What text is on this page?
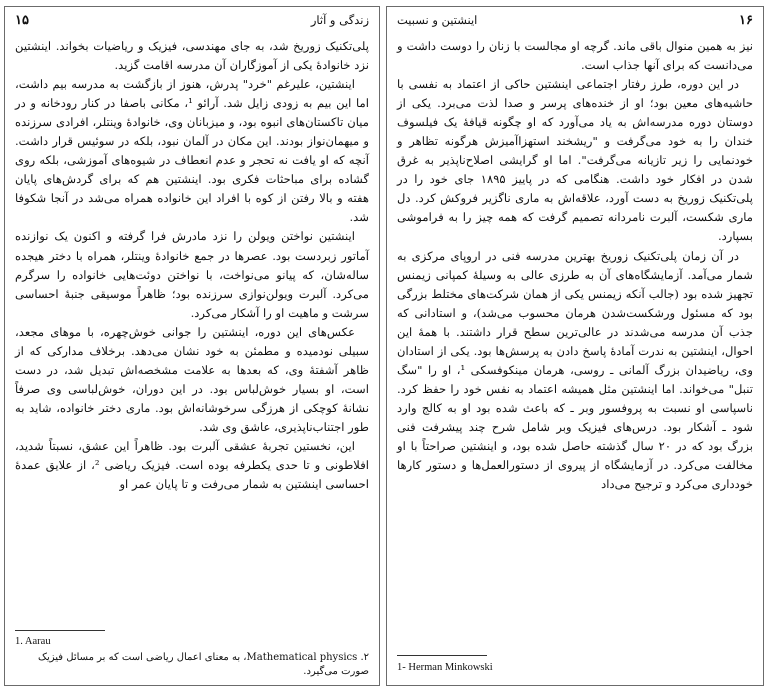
زندگی و آثار
۱۵

پلی‌تکنیک زوریخ شد، به جای مهندسی، فیزیک و ریاضیات بخواند. اینشتین نزد خانوادهٔ یکی از آموزگاران آن مدرسه اقامت گزید.

اینشتین، علیرغم "خرد" پدرش، هنوز از بازگشت به مدرسه بیم داشت، اما این بیم به زودی زایل شد. آرائو ¹، مکانی باصفا در کنار رودخانه و در میان تاکستان‌های انبوه بود، و میزبانان وی، خانوادهٔ وینتلر، افرادی سرزنده و میهمان‌نواز بودند. این مکان در آلمان نبود، بلکه در سوئیس قرار داشت. آنچه که او یافت نه تحجر و عدم انعطاف در شیوه‌های آموزشی، بلکه روی گشاده برای مباحثات فکری بود. اینشتین هم که برای گردش‌های پایان هفته و بالا رفتن از کوه با افراد این خانواده همراه می‌شد در آنجا شکوفا شد.

اینشتین نواختن ویولن را نزد مادرش فرا گرفته و اکنون یک نوازنده آماتور زبردست بود. عصرها در جمع خانوادهٔ وینتلر، همراه با دختر هیجده ساله‌شان، که پیانو می‌نواخت، با نواختن دوئت‌هایی خانواده را سرگرم می‌کرد. آلبرت ویولن‌نوازی سرزنده بود؛ ظاهراً موسیقی جنبهٔ احساسی سرشت و ماهیت او را آشکار می‌کرد.

عکس‌های این دوره، اینشتین را جوانی خوش‌چهره، با موهای مجعد، سبیلی نودمیده و مطمئن به خود نشان می‌دهد. برخلاف مدارکی که از ظاهر آشفتهٔ وی، که بعدها به علامت مشخصه‌اش تبدیل شد، در دست است، او بسیار خوش‌لباس بود. در این دوران، خوش‌لباسی وی صرفاً نشانهٔ کوچکی از هرزگی سرخوشانه‌اش بود. ماری دختر خانواده، شاید به طور اجتناب‌ناپذیری، عاشق وی شد.

این، نخستین تجربهٔ عشقی آلبرت بود. ظاهراً این عشق، نسبتاً شدید، افلاطونی و تا حدی یکطرفه بوده است. فیزیک ریاضی ²، از علایق عمدهٔ احساسی اینشتین به شمار می‌رفت و تا پایان عمر او

1. Aarau
۲. Mathematical physics، به معنای اعمال ریاضی است که بر مسائل فیزیک صورت می‌گیرد.
۱۶
اینشتین و نسبیت

نیز به همین منوال باقی ماند. گرچه او مجالست با زنان را دوست داشت و می‌دانست که برای آنها جذاب است.

در این دوره، طرز رفتار اجتماعی اینشتین حاکی از اعتماد به نفسی با حاشیه‌های معین بود؛ او از خنده‌های پرسر و صدا لذت می‌برد. یکی از دوستان دوره مدرسه‌اش به یاد می‌آورد که او چگونه قیافهٔ یک فیلسوف خندان را به خود می‌گرفت و "ریشخند استهزاآمیزش هرگونه تظاهر و خودنمایی را زیر تازیانه می‌گرفت". اما او گرایشی اصلاح‌ناپذیر به غرق شدن در افکار خود داشت. هنگامی که در پاییز ۱۸۹۵ جای خود را در پلی‌تکنیک زوریخ به دست آورد، علاقه‌اش به ماری ناگزیر فروکش کرد. دل ماری شکست، آلبرت نامردانه تصمیم گرفت که همه چیز را به فراموشی بسپارد.

در آن زمان پلی‌تکنیک زوریخ بهترین مدرسه فنی در اروپای مرکزی به شمار می‌آمد. آزمایشگاه‌های آن به طرزی عالی به وسیلهٔ کمپانی زیمنس تجهیز شده بود (جالب آنکه زیمنس یکی از همان شرکت‌های مختلط بزرگی بود که مسئول ورشکست‌شدن هرمان محسوب می‌شد)، و استادانی که جذب آن مدرسه می‌شدند در عالی‌ترین سطح قرار داشتند. با همهٔ این احوال، اینشتین به ندرت آمادهٔ پاسخ دادن به پرسش‌ها بود. یکی از استادان وی، ریاضیدان بزرگ آلمانی ـ روسی، هرمان مینکوفسکی ¹، او را "سگ تنبل" می‌خواند. اما اینشتین مثل همیشه اعتماد به نفس خود را حفظ کرد. ناسپاسی او نسبت به پروفسور وبر ـ که باعث شده بود او به کالج وارد شود ـ آشکار بود. درس‌های فیزیک وبر شامل شرح چند پیشرفت فنی بزرگ بود که در ۲۰ سال گذشته حاصل شده بود، و اینشتین صراحتاً با او مخالفت می‌کرد. در آزمایشگاه از پیروی از دستورالعمل‌ها و دستور کارها خودداری می‌کرد و ترجیح می‌داد

1- Herman Minkowski
